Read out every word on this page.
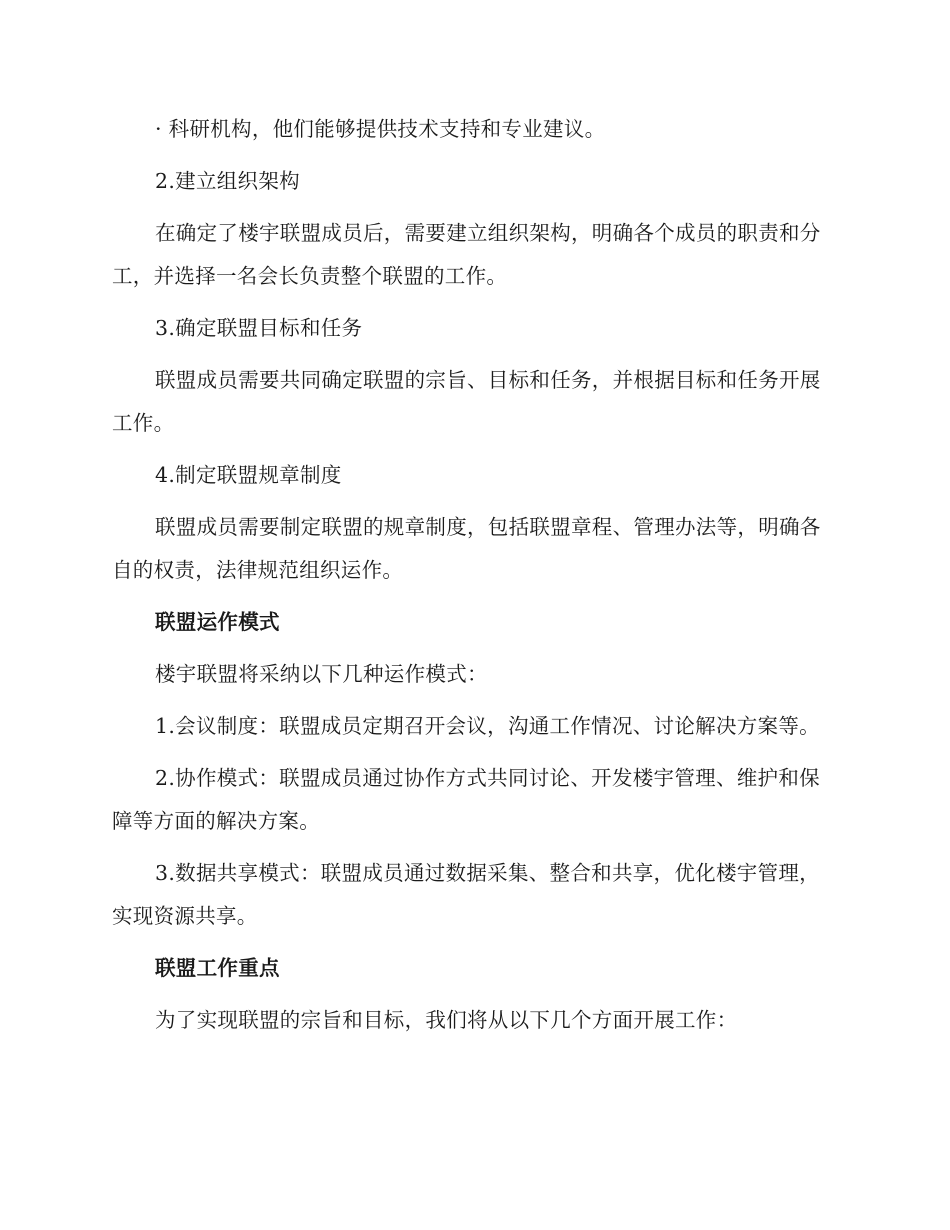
· 科研机构，他们能够提供技术支持和专业建议。

2.建立组织架构

在确定了楼宇联盟成员后，需要建立组织架构，明确各个成员的职责和分工，并选择一名会长负责整个联盟的工作。

3.确定联盟目标和任务

联盟成员需要共同确定联盟的宗旨、目标和任务，并根据目标和任务开展工作。

4.制定联盟规章制度

联盟成员需要制定联盟的规章制度，包括联盟章程、管理办法等，明确各自的权责，法律规范组织运作。

联盟运作模式

楼宇联盟将采纳以下几种运作模式：

1.会议制度：联盟成员定期召开会议，沟通工作情况、讨论解决方案等。

2.协作模式：联盟成员通过协作方式共同讨论、开发楼宇管理、维护和保障等方面的解决方案。

3.数据共享模式：联盟成员通过数据采集、整合和共享，优化楼宇管理，实现资源共享。

联盟工作重点

为了实现联盟的宗旨和目标，我们将从以下几个方面开展工作：
